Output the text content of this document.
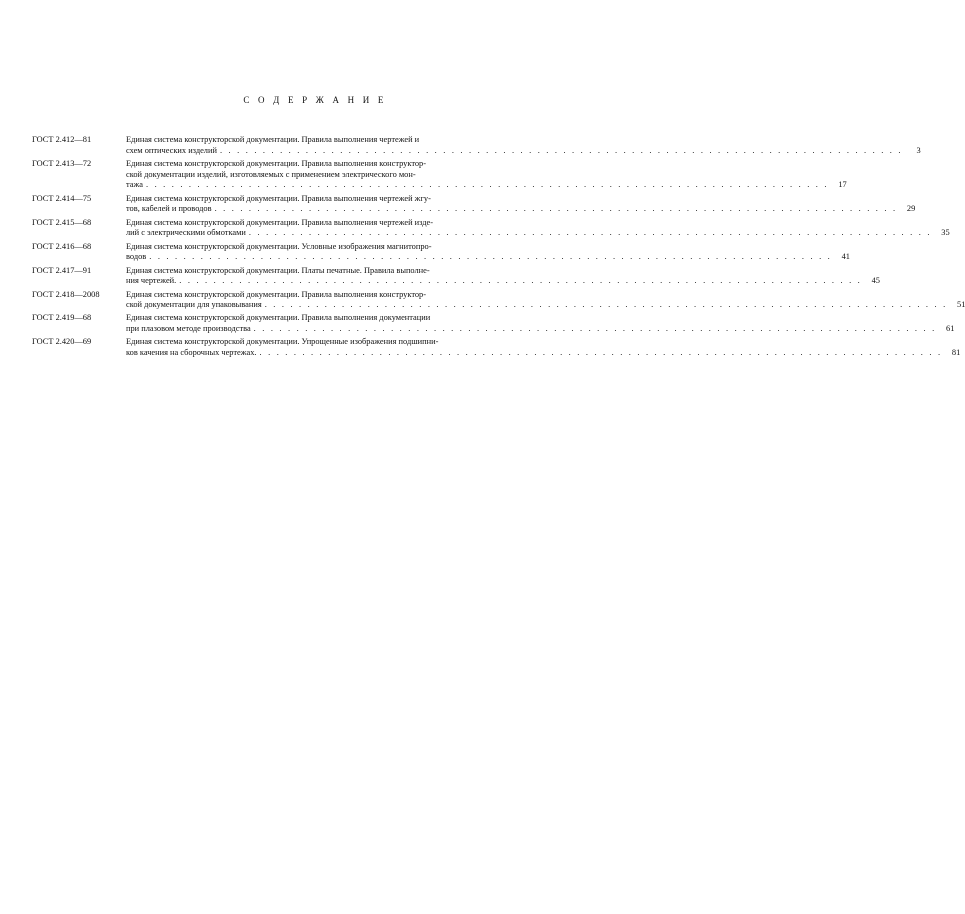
С О Д Е Р Ж А Н И Е
ГОСТ 2.412—81	Единая система конструкторской документации. Правила выполнения чертежей и
схем оптических изделий . . . . . . . . . . . . . . . . . . . . . . . . . . . . . . . . . . . . . . . . . . . . . . . . . . . . . . . . . . . . . . . . . . . . . . . . . . . . . . . .	3
ГОСТ 2.413—72	Единая система конструкторской документации. Правила выполнения конструктор-
ской документации изделий, изготовляемых с применением электрического мон-
тажа . . . . . . . . . . . . . . . . . . . . . . . . . . . . . . . . . . . . . . . . . . . . . . . . . . . . . . . . . . . . . . . . . . . . . . . . . . . . . . . .	17
ГОСТ 2.414—75	Единая система конструкторской документации. Правила выполнения чертежей жгу-
тов, кабелей и проводов . . . . . . . . . . . . . . . . . . . . . . . . . . . . . . . . . . . . . . . . . . . . . . . . . . . . . . . . . . . . . . . . . . . . . . . . . . . . . . . .	29
ГОСТ 2.415—68	Единая система конструкторской документации. Правила выполнения чертежей изде-
лий с электрическими обмотками . . . . . . . . . . . . . . . . . . . . . . . . . . . . . . . . . . . . . . . . . . . . . . . . . . . . . . . . . . . . . . . . . . . . . . . . . . . . . . . .	35
ГОСТ 2.416—68	Единая система конструкторской документации. Условные изображения магнитопро-
водов . . . . . . . . . . . . . . . . . . . . . . . . . . . . . . . . . . . . . . . . . . . . . . . . . . . . . . . . . . . . . . . . . . . . . . . . . . . . . . . .	41
ГОСТ 2.417—91	Единая система конструкторской документации. Платы печатные. Правила выполне-
ния чертежей. . . . . . . . . . . . . . . . . . . . . . . . . . . . . . . . . . . . . . . . . . . . . . . . . . . . . . . . . . . . . . . . . . . . . . . . . . . . . . . . .	45
ГОСТ 2.418—2008	Единая система конструкторской документации. Правила выполнения конструктор-
ской документации для упаковывания . . . . . . . . . . . . . . . . . . . . . . . . . . . . . . . . . . . . . . . . . . . . . . . . . . . . . . . . . . . . . . . . . . . . . . . . . . . . . . . .	51
ГОСТ 2.419—68	Единая система конструкторской документации. Правила выполнения документации
при плазовом методе производства . . . . . . . . . . . . . . . . . . . . . . . . . . . . . . . . . . . . . . . . . . . . . . . . . . . . . . . . . . . . . . . . . . . . . . . . . . . . . . . .	61
ГОСТ 2.420—69	Единая система конструкторской документации. Упрощенные изображения подшипни-
ков качения на сборочных чертежах. . . . . . . . . . . . . . . . . . . . . . . . . . . . . . . . . . . . . . . . . . . . . . . . . . . . . . . . . . . . . . . . . . . . . . . . . . . . . . . . .	81
